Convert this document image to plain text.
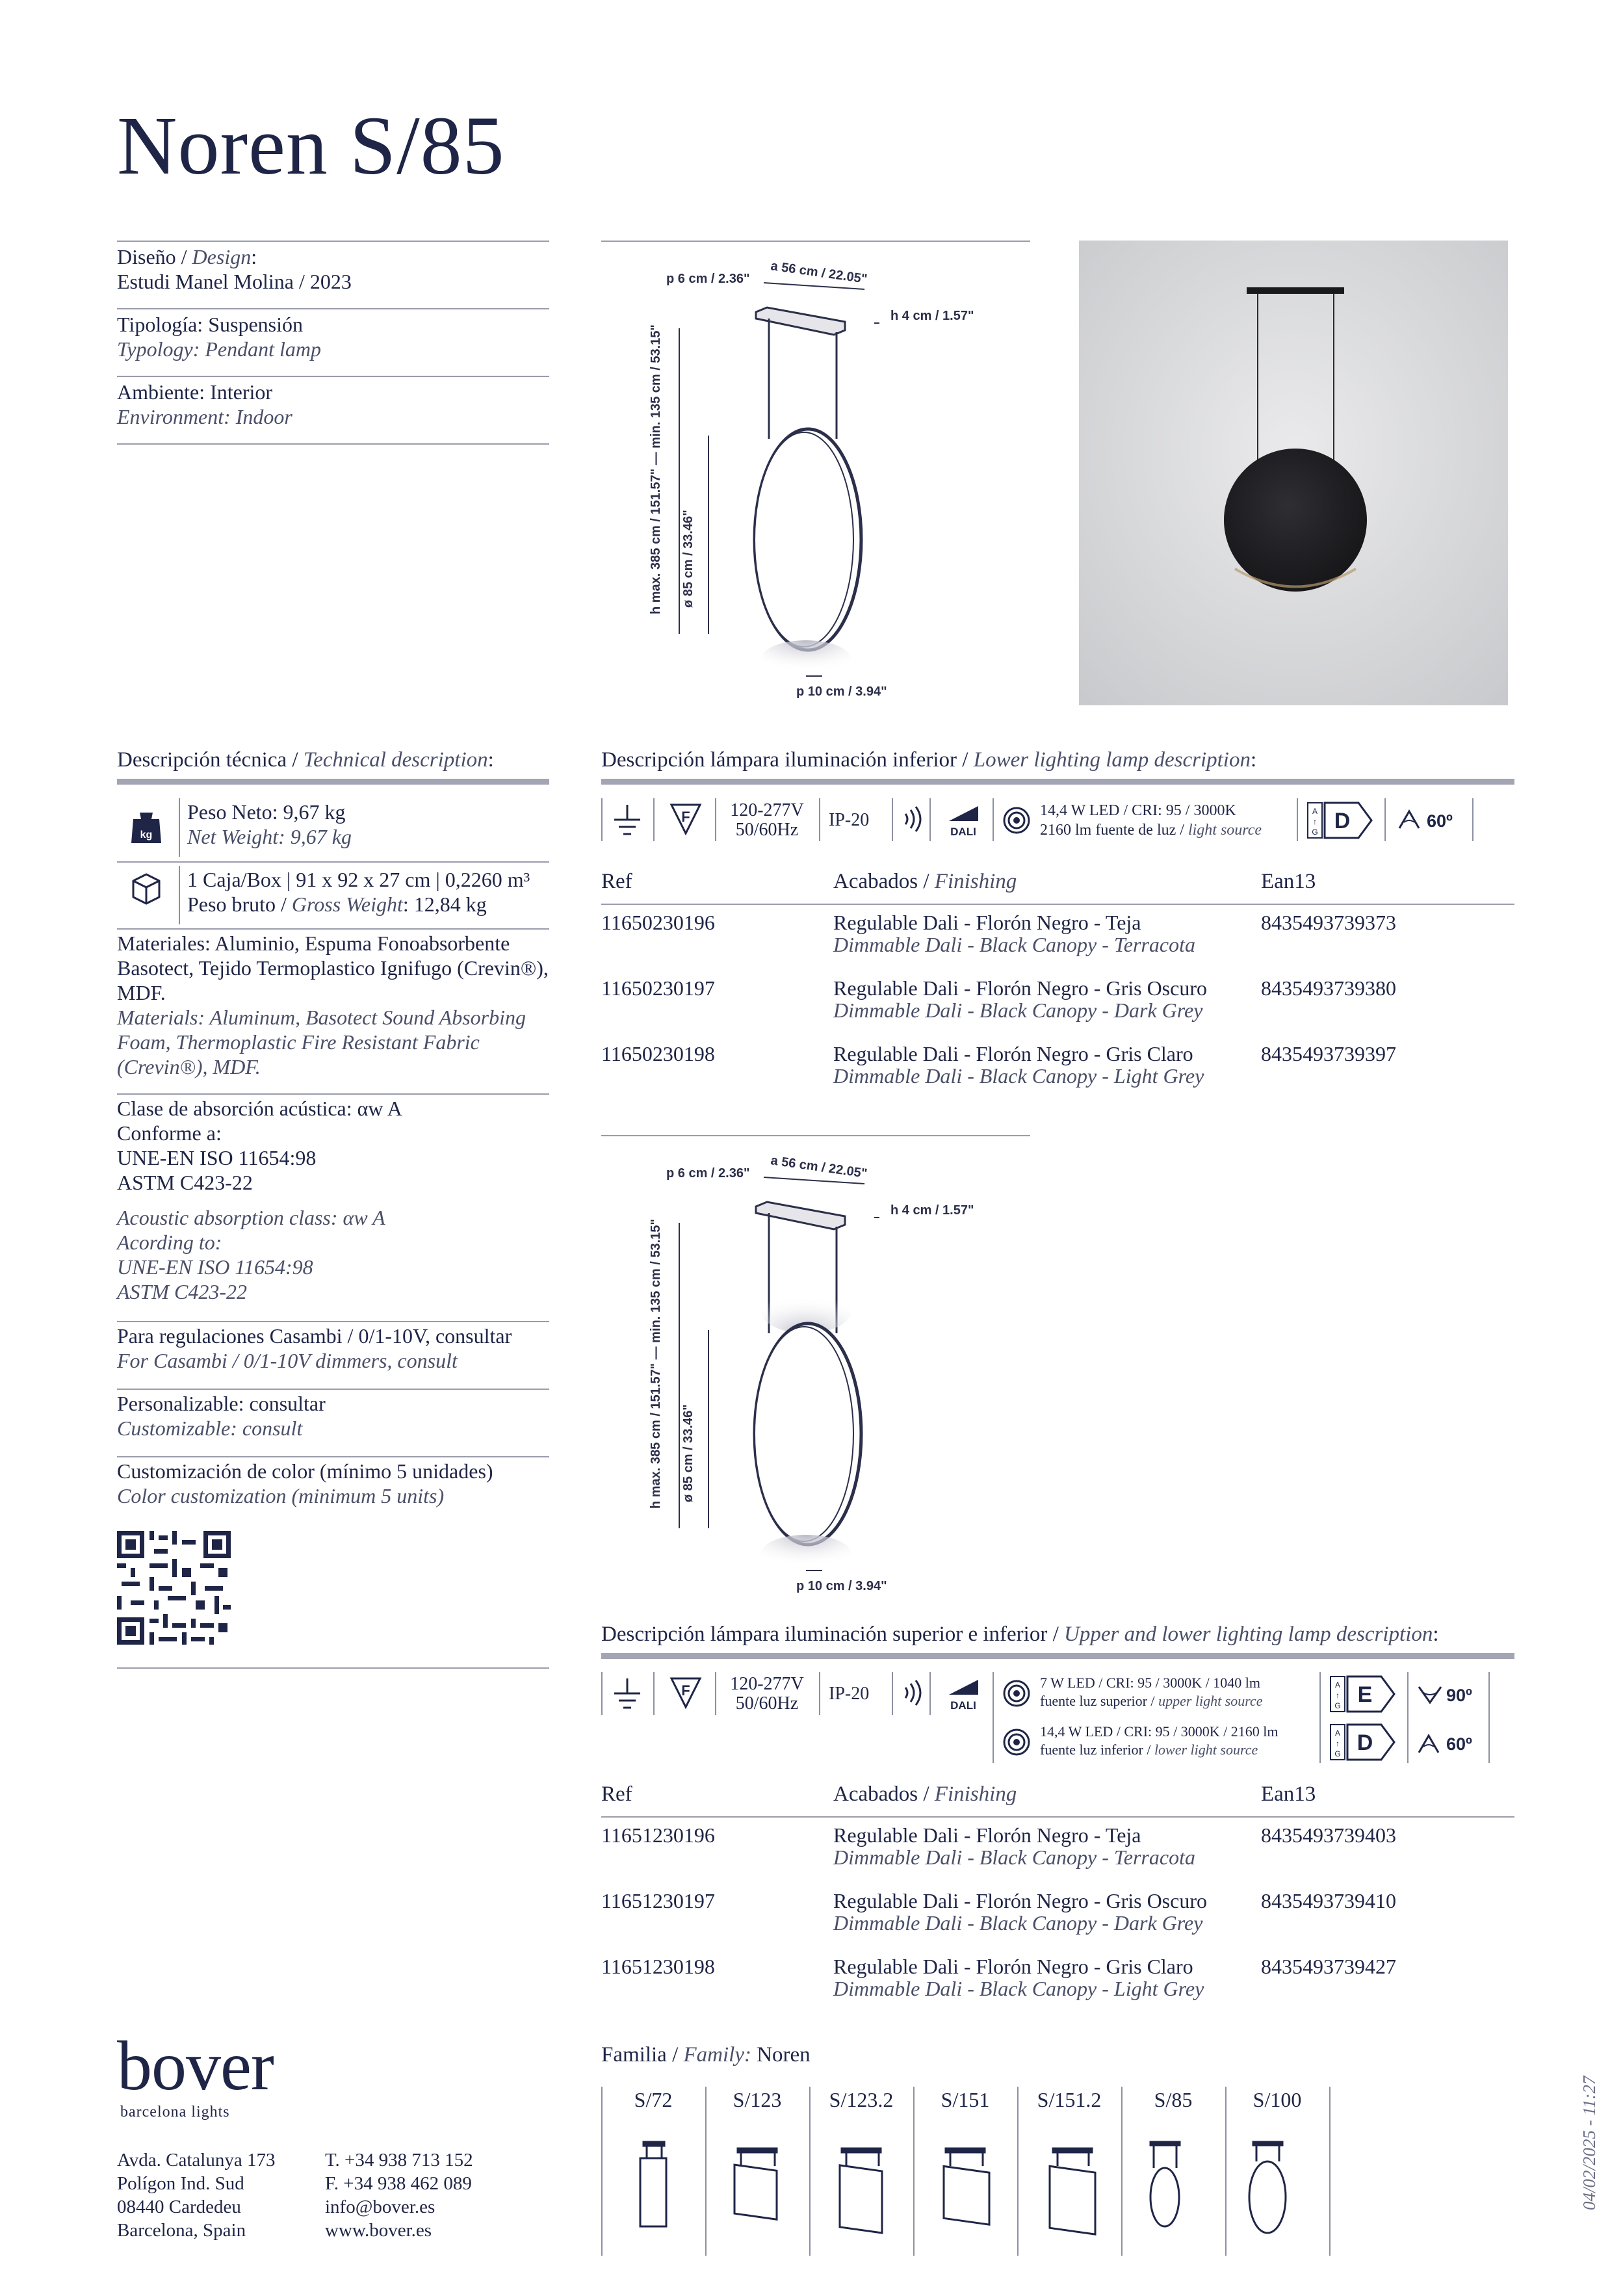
Noren S/85
Diseño / Design:
Estudi Manel Molina / 2023
Tipología: Suspensión
Typology: Pendant lamp
Ambiente: Interior
Environment: Indoor
p 6 cm / 2.36" a 56 cm / 22.05"
h 4 cm / 1.57"
h max. 385 cm / 151.57" — min. 135 cm / 53.15" ø 85 cm / 33.46"
p 10 cm / 3.94"
Descripción técnica / Technical description:
kg
Peso Neto: 9,67 kg
Net Weight: 9,67 kg
1 Caja/Box | 91 x 92 x 27 cm | 0,2260 m³
Peso bruto / Gross Weight: 12,84 kg
Materiales: Aluminio, Espuma Fonoabsorbente Basotect, Tejido Termoplastico Ignifugo (Crevin®), MDF.
Materials: Aluminum, Basotect Sound Absorbing Foam, Thermoplastic Fire Resistant Fabric (Crevin®), MDF.
Clase de absorción acústica: αw A
Conforme a:
UNE-EN ISO 11654:98
ASTM C423-22
Acoustic absorption class: αw A
Acording to:
UNE-EN ISO 11654:98
ASTM C423-22
Para regulaciones Casambi / 0/1-10V, consultar
For Casambi / 0/1-10V dimmers, consult
Personalizable: consultar
Customizable: consult
Customización de color (mínimo 5 unidades)
Color customization (minimum 5 units)
Descripción lámpara iluminación inferior / Lower lighting lamp description:
F 120-277V
50/60Hz	IP-20
DALI
14,4 W LED / CRI: 95 / 3000K
2160 lm fuente de luz / light source
A
↑
G D	60º
Ref	Acabados / Finishing	Ean13
11650230196	Regulable Dali - Florón Negro - Teja
Dimmable Dali - Black Canopy - Terracota
8435493739373
11650230197	Regulable Dali - Florón Negro - Gris Oscuro
Dimmable Dali - Black Canopy - Dark Grey
8435493739380
11650230198	Regulable Dali - Florón Negro - Gris Claro
Dimmable Dali - Black Canopy - Light Grey
8435493739397
p 6 cm / 2.36" a 56 cm / 22.05"
h 4 cm / 1.57"
h max. 385 cm / 151.57" — min. 135 cm / 53.15" ø 85 cm / 33.46"
p 10 cm / 3.94"
Descripción lámpara iluminación superior e inferior / Upper and lower lighting lamp description:
F 120-277V
50/60Hz	IP-20
DALI
7 W LED / CRI: 95 / 3000K / 1040 lm
fuente luz superior / upper light source
A
↑
G E	90º
14,4 W LED / CRI: 95 / 3000K / 2160 lm
fuente luz inferior / lower light source
A
↑
G D	60º
Ref	Acabados / Finishing	Ean13
11651230196	Regulable Dali - Florón Negro - Teja
Dimmable Dali - Black Canopy - Terracota
8435493739403
11651230197	Regulable Dali - Florón Negro - Gris Oscuro
Dimmable Dali - Black Canopy - Dark Grey
8435493739410
11651230198	Regulable Dali - Florón Negro - Gris Claro
Dimmable Dali - Black Canopy - Light Grey
8435493739427
Familia / Family: Noren
S/72	S/123	S/123.2	S/151	S/151.2	S/85	S/100
bover
barcelona lights
Avda. Catalunya 173
Polígon Ind. Sud
08440 Cardedeu
Barcelona, Spain
T. +34 938 713 152
F. +34 938 462 089
info@bover.es
www.bover.es
04/02/2025 - 11:27
